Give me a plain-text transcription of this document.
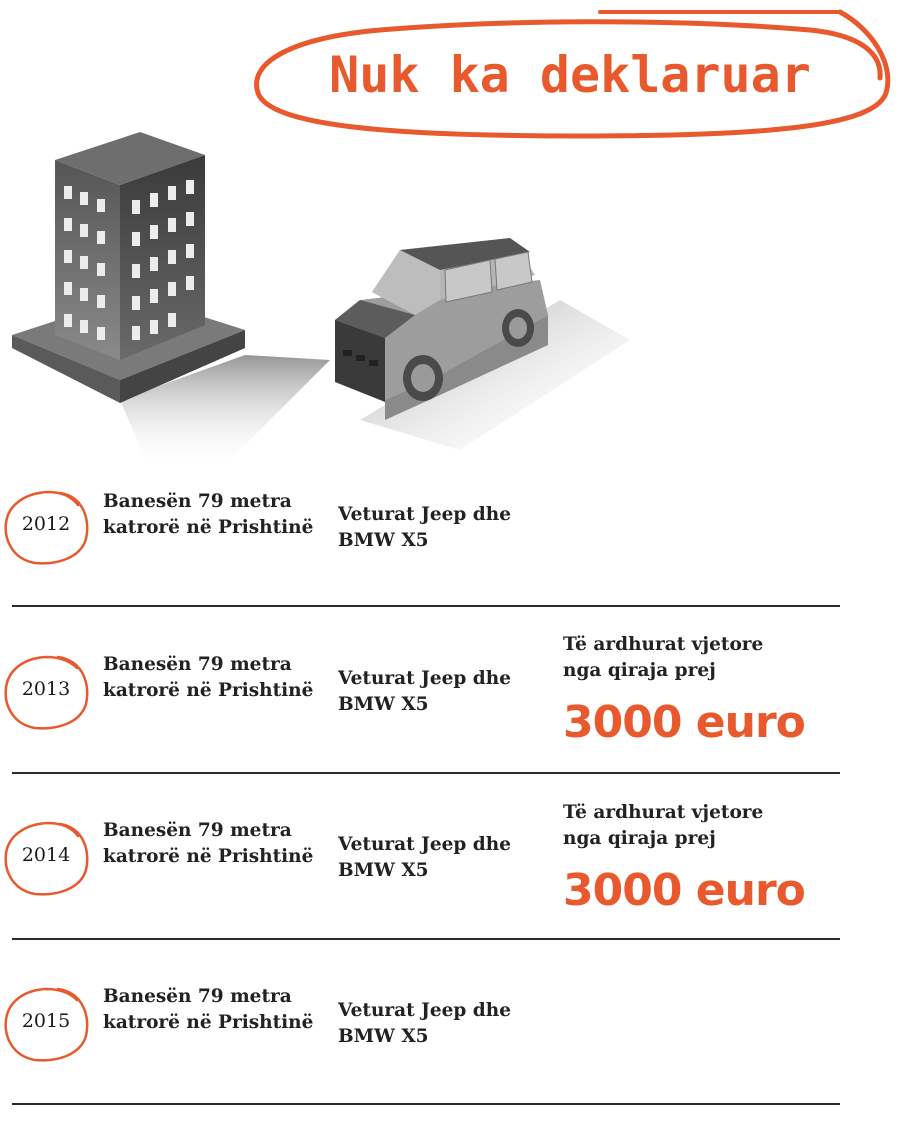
Nuk ka deklaruar
2012
Banesën 79 metra katrorë në Prishtinë
Veturat Jeep dhe BMW X5
2013
Banesën 79 metra katrorë në Prishtinë
Veturat Jeep dhe BMW X5
Të ardhurat vjetore nga qiraja prej
3000 euro
2014
Banesën 79 metra katrorë në Prishtinë
Veturat Jeep dhe BMW X5
Të ardhurat vjetore nga qiraja prej
3000 euro
2015
Banesën 79 metra katrorë në Prishtinë
Veturat Jeep dhe BMW X5
